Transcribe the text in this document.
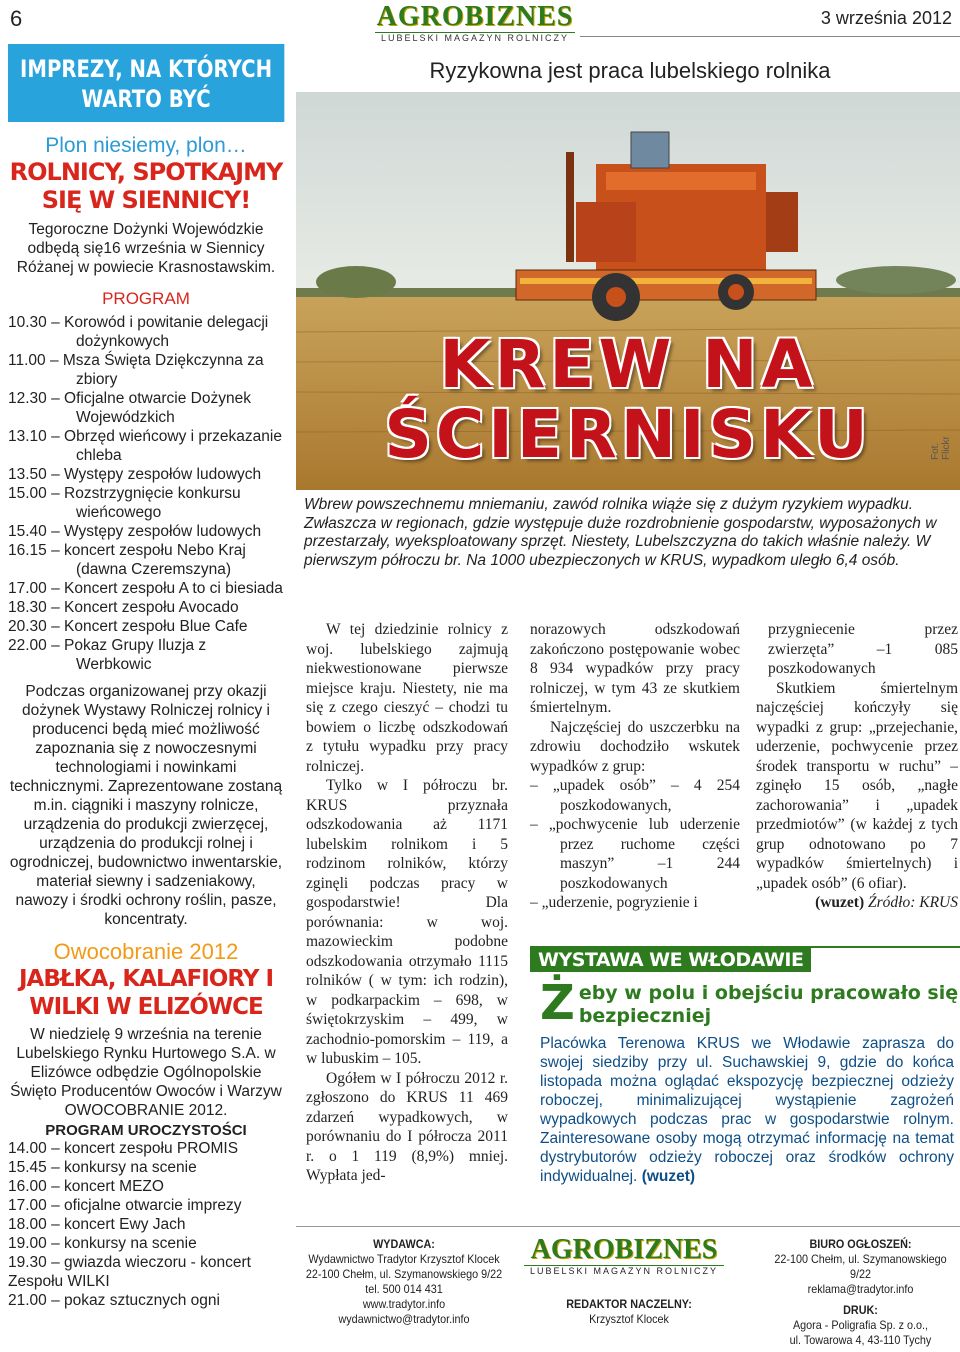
6	AGROBIZNES
LUBELSKI MAGAZYN ROLNICZY
3 września 2012
IMPREZY, NA KTÓRYCH WARTO BYĆ
Plon niesiemy, plon…
ROLNICY, SPOTKAJMY SIĘ W SIENNICY!
Tegoroczne Dożynki Wojewódzkie odbędą się16 września w Siennicy Różanej w powiecie Krasnostawskim.
PROGRAM
10.30 – Korowód i powitanie delegacji dożynkowych
11.00 – Msza Święta Dziękczynna za zbiory
12.30 – Oficjalne otwarcie Dożynek Wojewódzkich
13.10 – Obrzęd wieńcowy i przekazanie chleba
13.50 – Występy zespołów ludowych
15.00 – Rozstrzygnięcie konkursu wieńcowego
15.40 – Występy zespołów ludowych
16.15 – koncert zespołu Nebo Kraj (dawna Czeremszyna)
17.00 – Koncert zespołu A to ci biesiada
18.30 – Koncert zespołu Avocado
20.30 – Koncert zespołu Blue Cafe
22.00 – Pokaz Grupy Iluzja z Werbkowic
Podczas organizowanej przy okazji dożynek Wystawy Rolniczej rolnicy i producenci będą mieć możliwość zapoznania się z nowoczesnymi technologiami i nowinkami technicznymi. Zaprezentowane zostaną m.in. ciągniki i maszyny rolnicze, urządzenia do produkcji zwierzęcej, urządzenia do produkcji rolnej i ogrodniczej, budownictwo inwentarskie, materiał siewny i sadzeniakowy, nawozy i środki ochrony roślin, pasze, koncentraty.
Owocobranie 2012
JABŁKA, KALAFIORY I WILKI W ELIZÓWCE
W niedzielę 9 września na terenie Lubelskiego Rynku Hurtowego S.A. w Elizówce odbędzie Ogólnopolskie Święto Producentów Owoców i Warzyw OWOCOBRANIE 2012.
PROGRAM UROCZYSTOŚCI
14.00 – koncert zespołu PROMIS
15.45 – konkursy na scenie
16.00 – koncert MEZO
17.00 – oficjalne otwarcie imprezy
18.00 – koncert Ewy Jach
19.00 – konkursy na scenie
19.30 – gwiazda wieczoru - koncert Zespołu WILKI
21.00 – pokaz sztucznych ogni
Ryzykowna jest praca lubelskiego rolnika
KREW NA ŚCIERNISKU	Fot. Flickr
Wbrew powszechnemu mniemaniu, zawód rolnika wiąże się z dużym ryzykiem wypadku. Zwłaszcza w regionach, gdzie występuje duże rozdrobnienie gospodarstw, wyposażonych w przestarzały, wyeksploatowany sprzęt. Niestety, Lubelszczyzna do takich właśnie należy. W pierwszym półroczu br. Na 1000 ubezpieczonych w KRUS, wypadkom uległo 6,4 osób.

W tej dziedzinie rolnicy z woj. lubelskiego zajmują niekwestionowane pierwsze miejsce kraju. Niestety, nie ma się z czego cieszyć – chodzi tu bowiem o liczbę odszkodowań z tytułu wypadku przy pracy rolniczej.

Tylko w I półroczu br. KRUS przyznała odszkodowania aż 1171 lubelskim rolnikom i 5 rodzinom rolników, którzy zginęli podczas pracy w gospodarstwie! Dla porównania: w woj. mazowieckim podobne odszkodowania otrzymało 1115 rolników ( w tym: ich rodzin), w podkarpackim – 698, w świętokrzyskim – 499, w zachodnio-pomorskim – 119, a w lubuskim – 105.

Ogółem w I półroczu 2012 r. zgłoszono do KRUS 11 469 zdarzeń wypadkowych, w porównaniu do I półrocza 2011 r. o 1 119 (8,9%) mniej. Wypłata jed-

norazowych odszkodowań zakończono postępowanie wobec 8 934 wypadków przy pracy rolniczej, w tym 43 ze skutkiem śmiertelnym.

Najczęściej do uszczerbku na zdrowiu dochodziło wskutek wypadków z grup:

– „upadek osób” – 4 254 poszkodowanych,
– „pochwycenie lub uderzenie przez ruchome części maszyn” –1 244 poszkodowanych
– „uderzenie, pogryzienie i
przygniecenie przez zwierzęta” –1 085 poszkodowanych

Skutkiem śmiertelnym najczęściej kończyły się wypadki z grup: „przejechanie, uderzenie, pochwycenie przez środek transportu w ruchu” – zginęło 15 osób, „nagłe zachorowania” i „upadek przedmiotów” (w każdej z tych grup odnotowano po 7 wypadków śmiertelnych) i „upadek osób” (6 ofiar).

(wuzet) Źródło: KRUS
WYSTAWA WE WŁODAWIE
Ż eby w polu i obejściu pracowało się bezpieczniej
Placówka Terenowa KRUS we Włodawie zaprasza do swojej siedziby przy ul. Suchawskiej 9, gdzie do końca listopada można oglądać ekspozycję bezpiecznej odzieży roboczej, minimalizującej wystąpienie zagrożeń wypadkowych podczas prac w gospodarstwie rolnym. Zainteresowane osoby mogą otrzymać informację na temat dystrybutorów odzieży roboczej oraz środków ochrony indywidualnej. (wuzet)
WYDAWCA:
Wydawnictwo Tradytor Krzysztof Klocek
22-100 Chełm, ul. Szymanowskiego 9/22
tel. 500 014 431
www.tradytor.info
wydawnictwo@tradytor.info
AGROBIZNES
LUBELSKI MAGAZYN ROLNICZY
REDAKTOR NACZELNY:
Krzysztof Klocek
BIURO OGŁOSZEŃ:
22-100 Chełm, ul. Szymanowskiego 9/22
reklama@tradytor.info
DRUK:
Agora - Poligrafia Sp. z o.o.,
ul. Towarowa 4, 43-110 Tychy
